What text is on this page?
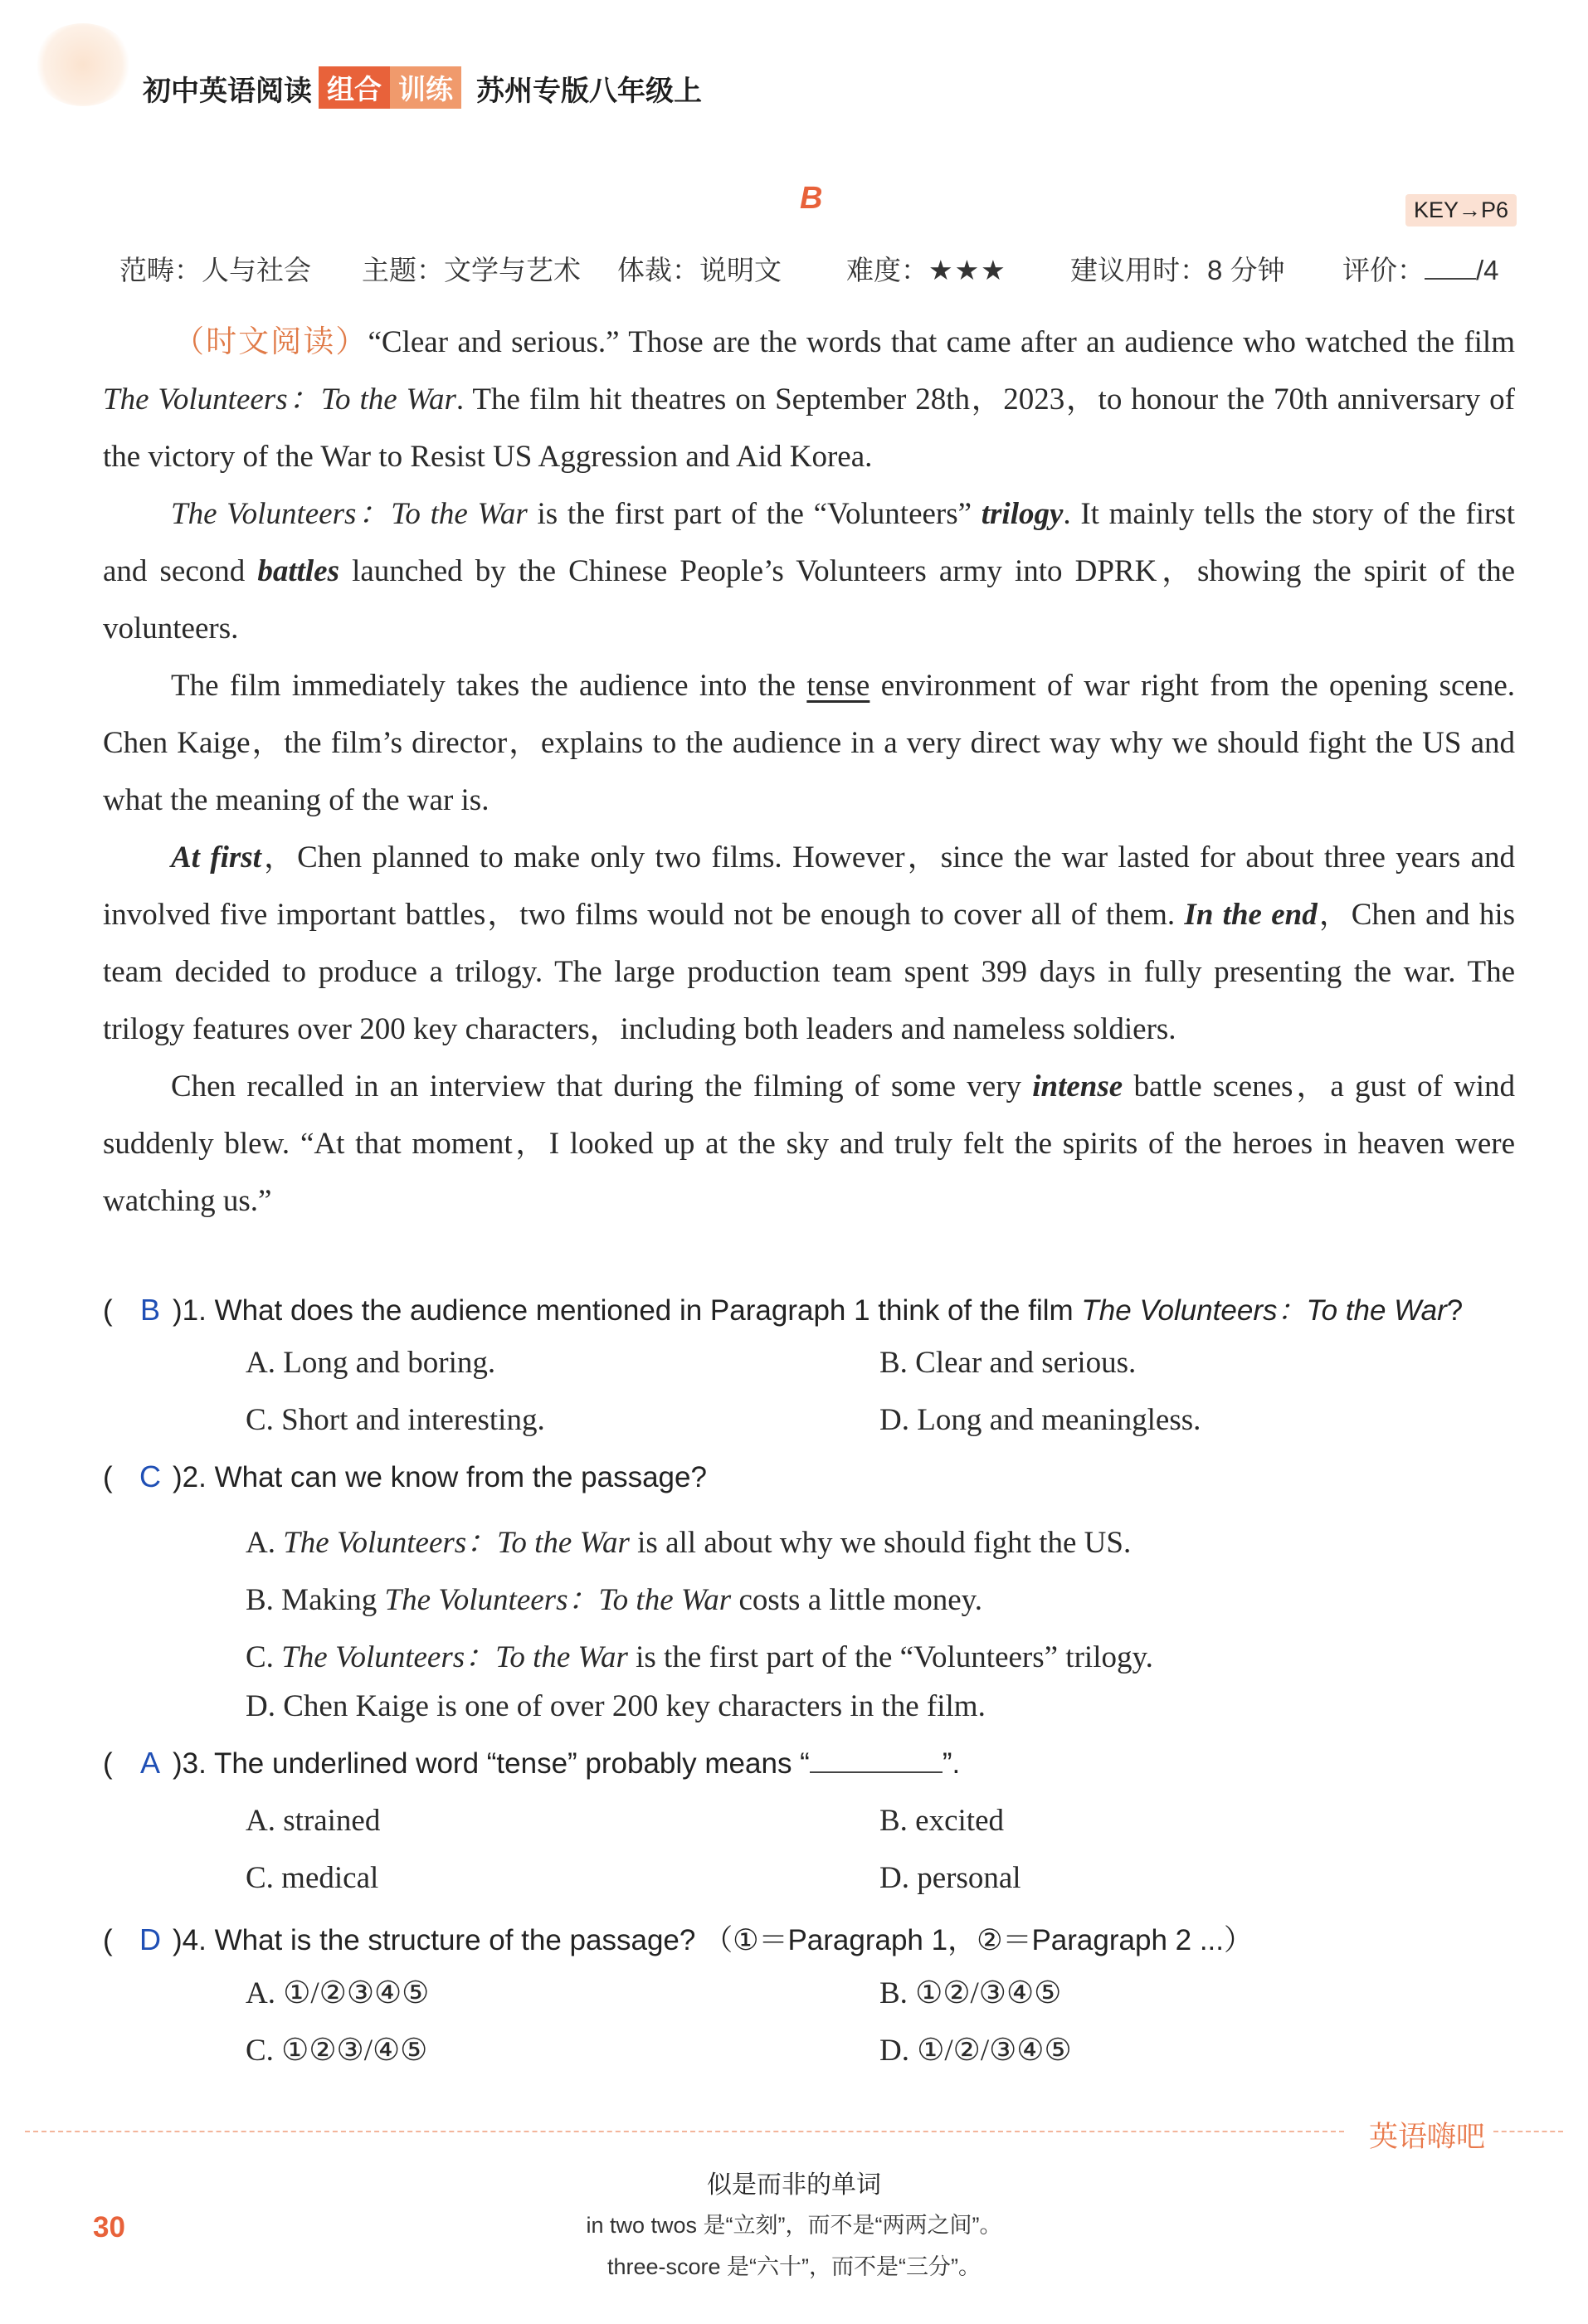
初中英语阅读 组合 训练 苏州专版八年级上
B	KEY→P6
范畴：人与社会 主题：文学与艺术 体裁：说明文 难度：★★★ 建议用时：8 分钟 评价： /4

（时文阅读）“Clear and serious.” Those are the words that came after an audience who watched the film The Volunteers：To the War. The film hit theatres on September 28th，2023，to honour the 70th anniversary of the victory of the War to Resist US Aggression and Aid Korea.

The Volunteers：To the War is the first part of the “Volunteers” trilogy. It mainly tells the story of the first and second battles launched by the Chinese People’s Volunteers army into DPRK，showing the spirit of the volunteers.

The film immediately takes the audience into the tense environment of war right from the opening scene. Chen Kaige，the film’s director，explains to the audience in a very direct way why we should fight the US and what the meaning of the war is.

At first，Chen planned to make only two films. However，since the war lasted for about three years and involved five important battles，two films would not be enough to cover all of them. In the end，Chen and his team decided to produce a trilogy. The large production team spent 399 days in fully presenting the war. The trilogy features over 200 key characters，including both leaders and nameless soldiers.

Chen recalled in an interview that during the filming of some very intense battle scenes，a gust of wind suddenly blew. “At that moment，I looked up at the sky and truly felt the spirits of the heroes in heaven were watching us.”

( B )1. What does the audience mentioned in Paragraph 1 think of the film The Volunteers：To the War?
A. Long and boring.	B. Clear and serious.
C. Short and interesting.	D. Long and meaningless.
( C )2. What can we know from the passage?
A. The Volunteers：To the War is all about why we should fight the US.
B. Making The Volunteers：To the War costs a little money.
C. The Volunteers：To the War is the first part of the “Volunteers” trilogy.
D. Chen Kaige is one of over 200 key characters in the film.
( A )3. The underlined word “tense” probably means “	”.
A. strained	B. excited
C. medical	D. personal
( D )4. What is the structure of the passage? （①＝Paragraph 1，②＝Paragraph 2 ...）
A. ①/②③④⑤	B. ①②/③④⑤
C. ①②③/④⑤	D. ①/②/③④⑤
英语嗨吧
似是而非的单词
in two twos 是“立刻”，而不是“两两之间”。
three-score 是“六十”，而不是“三分”。
30
